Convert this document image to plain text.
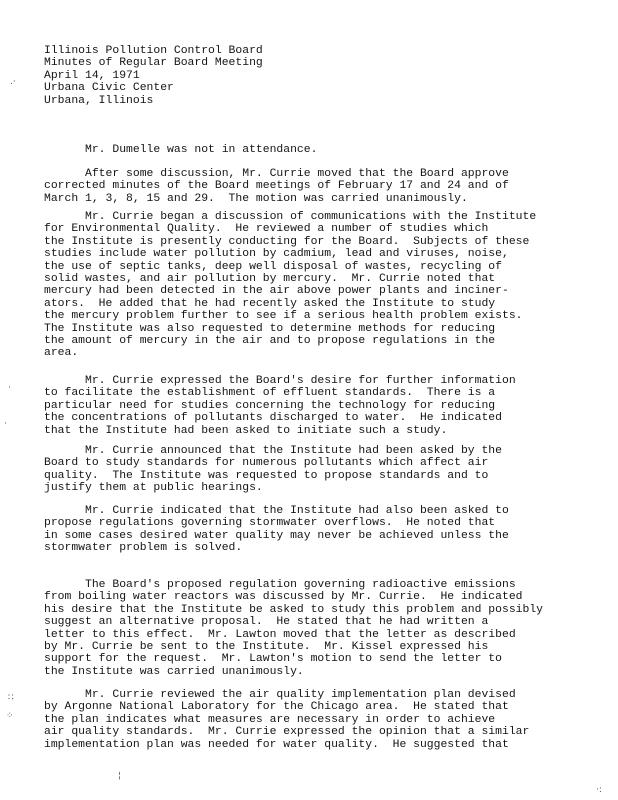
Illinois Pollution Control Board
Minutes of Regular Board Meeting
April 14, 1971
Urbana Civic Center
Urbana, Illinois
Mr. Dumelle was not in attendance.
After some discussion, Mr. Currie moved that the Board approve
corrected minutes of the Board meetings of February 17 and 24 and of
March 1, 3, 8, 15 and 29.  The motion was carried unanimously.
Mr. Currie began a discussion of communications with the Institute
for Environmental Quality.  He reviewed a number of studies which
the Institute is presently conducting for the Board.  Subjects of these
studies include water pollution by cadmium, lead and viruses, noise,
the use of septic tanks, deep well disposal of wastes, recycling of
solid wastes, and air pollution by mercury.  Mr. Currie noted that
mercury had been detected in the air above power plants and inciner-
ators.  He added that he had recently asked the Institute to study
the mercury problem further to see if a serious health problem exists.
The Institute was also requested to determine methods for reducing
the amount of mercury in the air and to propose regulations in the
area.
Mr. Currie expressed the Board's desire for further information
to facilitate the establishment of effluent standards.  There is a
particular need for studies concerning the technology for reducing
the concentrations of pollutants discharged to water.  He indicated
that the Institute had been asked to initiate such a study.
Mr. Currie announced that the Institute had been asked by the
Board to study standards for numerous pollutants which affect air
quality.  The Institute was requested to propose standards and to
justify them at public hearings.
Mr. Currie indicated that the Institute had also been asked to
propose regulations governing stormwater overflows.  He noted that
in some cases desired water quality may never be achieved unless the
stormwater problem is solved.
The Board's proposed regulation governing radioactive emissions
from boiling water reactors was discussed by Mr. Currie.  He indicated
his desire that the Institute be asked to study this problem and possibly
suggest an alternative proposal.  He stated that he had written a
letter to this effect.  Mr. Lawton moved that the letter as described
by Mr. Currie be sent to the Institute.  Mr. Kissel expressed his
support for the request.  Mr. Lawton's motion to send the letter to
the Institute was carried unanimously.
Mr. Currie reviewed the air quality implementation plan devised
by Argonne National Laboratory for the Chicago area.  He stated that
the plan indicates what measures are necessary in order to achieve
air quality standards.  Mr. Currie expressed the opinion that a similar
implementation plan was needed for water quality.  He suggested that
.·
·
·
∷
⁘
¦
·:
